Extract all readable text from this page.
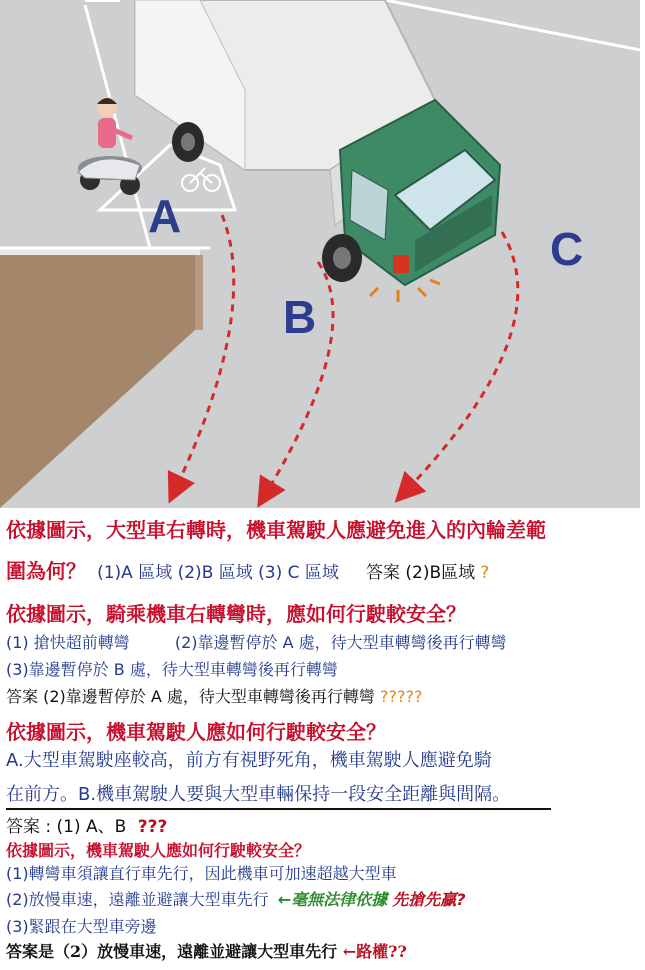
A
B
C
依據圖示，大型車右轉時，機車駕駛人應避免進入的內輪差範
圍為何？ (1)A 區域 (2)B 區域 (3) C 區域 答案 (2)B區域 ?
依據圖示，騎乘機車右轉彎時，應如何行駛較安全？
(1) 搶快超前轉彎	(2)靠邊暫停於 A 處，待大型車轉彎後再行轉彎
(3)靠邊暫停於 B 處，待大型車轉彎後再行轉彎
答案 (2)靠邊暫停於 A 處，待大型車轉彎後再行轉彎 ?????
依據圖示，機車駕駛人應如何行駛較安全？
A.大型車駕駛座較高，前方有視野死角，機車駕駛人應避免騎
在前方。B.機車駕駛人要與大型車輛保持一段安全距離與間隔。
答案 : (1) A、B ???
依據圖示，機車駕駛人應如何行駛較安全？
(1)轉彎車須讓直行車先行，因此機車可加速超越大型車
(2)放慢車速，遠離並避讓大型車先行 ←毫無法律依據 先搶先贏?
(3)緊跟在大型車旁邊
答案是（2）放慢車速，遠離並避讓大型車先行 ←路權??
